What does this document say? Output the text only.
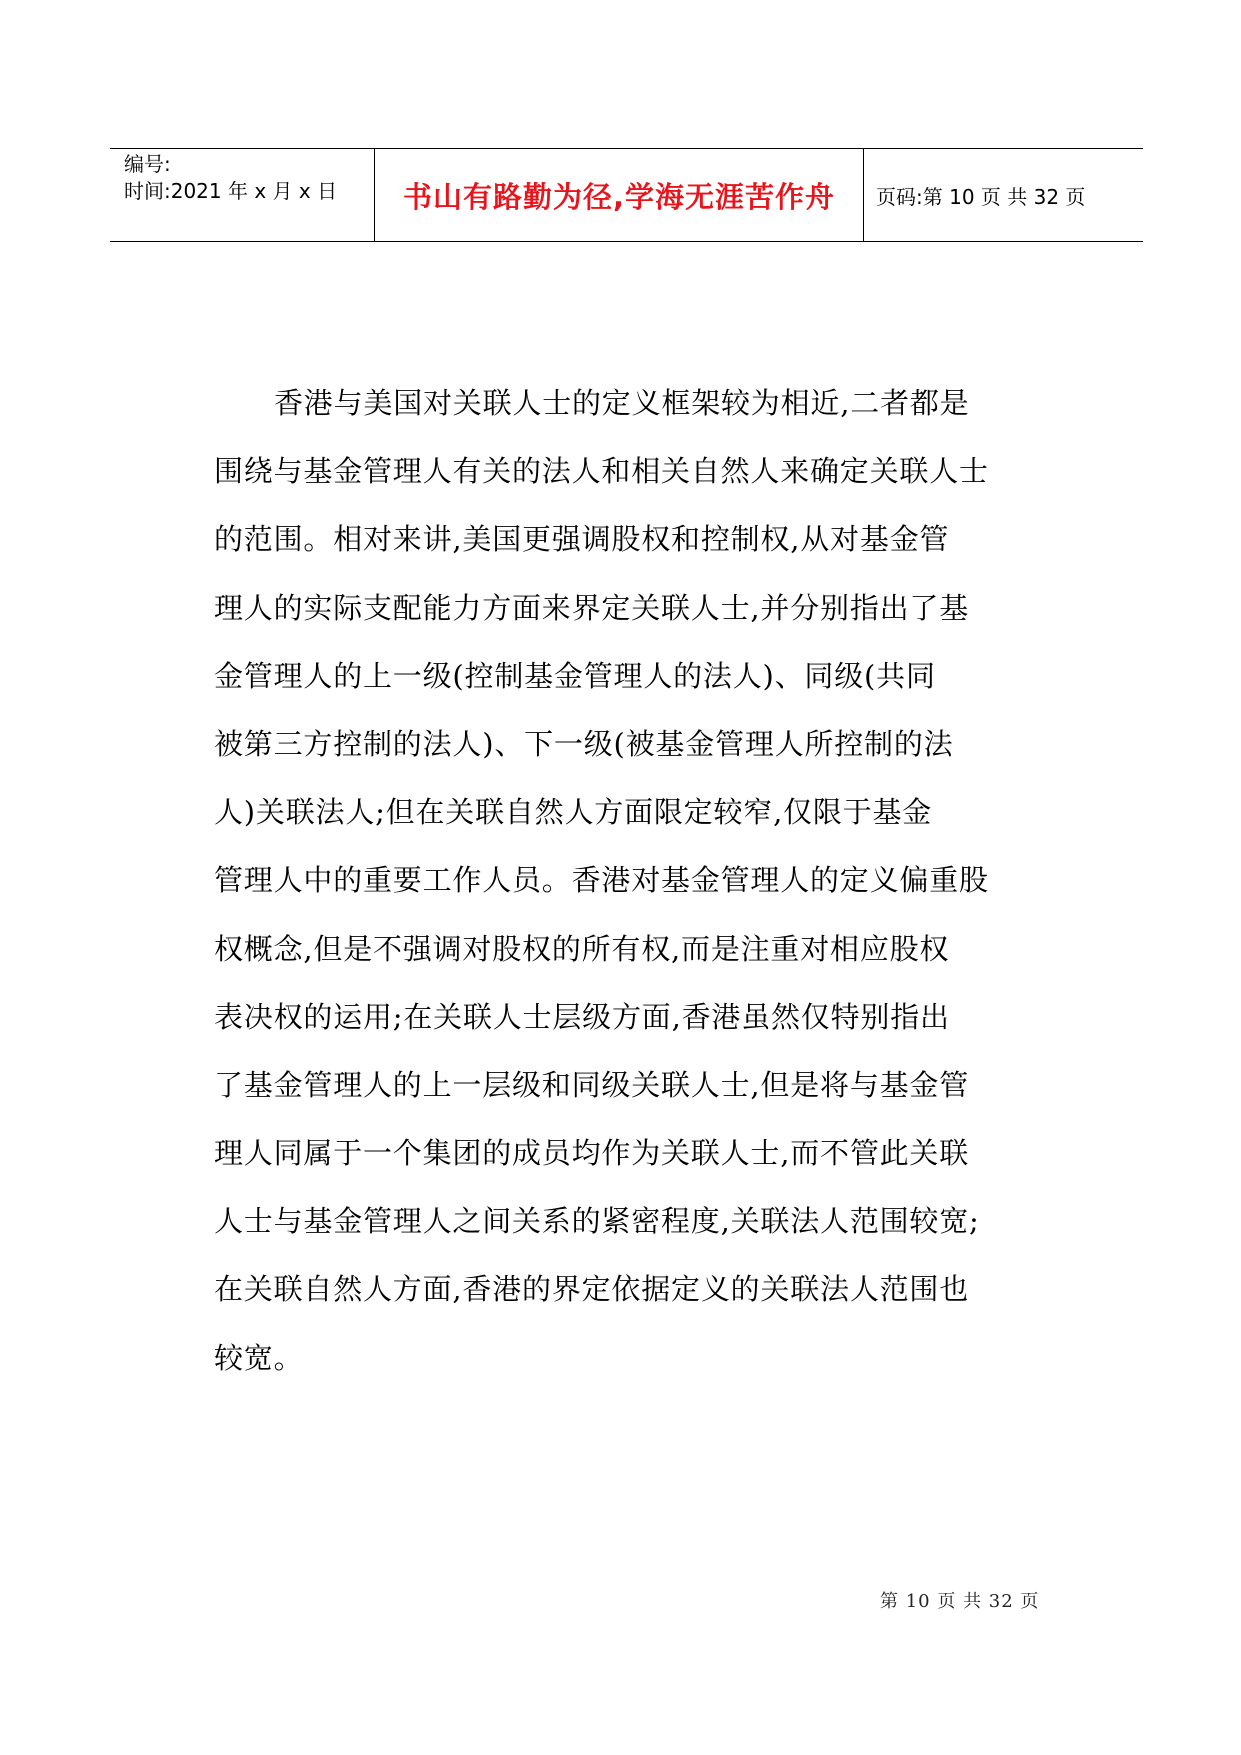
编号:
时间:2021 年 x 月 x 日	书山有路勤为径,学海无涯苦作舟 页码:第 10 页 共 32 页
香港与美国对关联人士的定义框架较为相近,二者都是
围绕与基金管理人有关的法人和相关自然人来确定关联人士
的范围。相对来讲,美国更强调股权和控制权,从对基金管
理人的实际支配能力方面来界定关联人士,并分别指出了基
金管理人的上一级(控制基金管理人的法人)、同级(共同
被第三方控制的法人)、下一级(被基金管理人所控制的法
人)关联法人;但在关联自然人方面限定较窄,仅限于基金
管理人中的重要工作人员。香港对基金管理人的定义偏重股
权概念,但是不强调对股权的所有权,而是注重对相应股权
表决权的运用;在关联人士层级方面,香港虽然仅特别指出
了基金管理人的上一层级和同级关联人士,但是将与基金管
理人同属于一个集团的成员均作为关联人士,而不管此关联
人士与基金管理人之间关系的紧密程度,关联法人范围较宽;
在关联自然人方面,香港的界定依据定义的关联法人范围也
较宽。
第 10 页 共 32 页
